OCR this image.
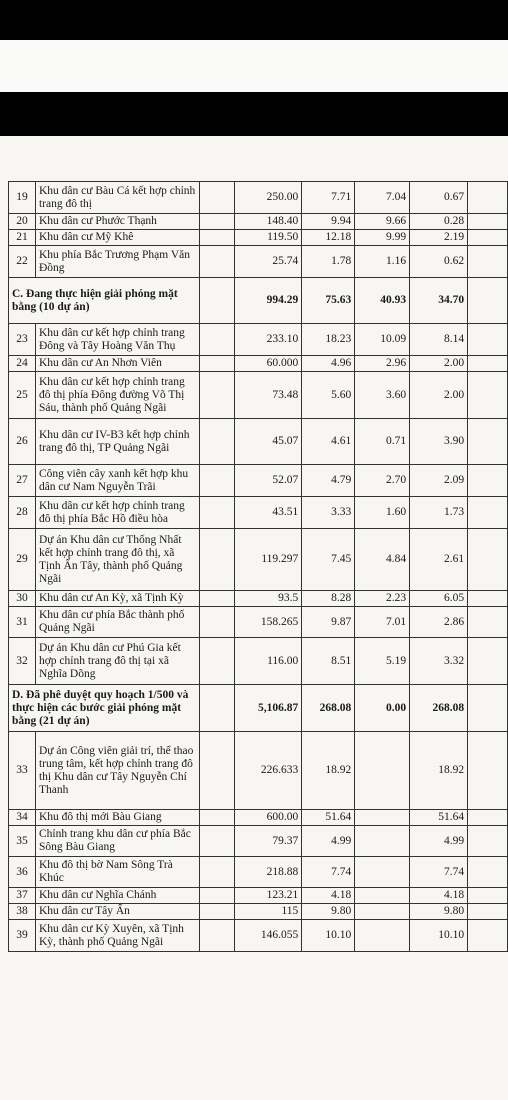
19	Khu dân cư Bàu Cá kết hợp chỉnh trang đô thị		250.00	7.71	7.04	0.67	
20	Khu dân cư Phước Thạnh		148.40	9.94	9.66	0.28	
21	Khu dân cư Mỹ Khê		119.50	12.18	9.99	2.19	
22	Khu phía Bắc Trương Phạm Văn Đồng		25.74	1.78	1.16	0.62	
C. Đang thực hiện giải phóng mặt bằng (10 dự án)			994.29	75.63	40.93	34.70	
23	Khu dân cư kết hợp chỉnh trang Đông và Tây Hoàng Văn Thụ		233.10	18.23	10.09	8.14	
24	Khu dân cư An Nhơn Viên		60.000	4.96	2.96	2.00	
25	Khu dân cư kết hợp chỉnh trang đô thị phía Đông đường Võ Thị Sáu, thành phố Quảng Ngãi		73.48	5.60	3.60	2.00	
26	Khu dân cư IV-B3 kết hợp chỉnh trang đô thị, TP Quảng Ngãi		45.07	4.61	0.71	3.90	
27	Công viên cây xanh kết hợp khu dân cư Nam Nguyễn Trãi		52.07	4.79	2.70	2.09	
28	Khu dân cư kết hợp chỉnh trang đô thị phía Bắc Hồ điều hòa		43.51	3.33	1.60	1.73	
29	Dự án Khu dân cư Thống Nhất kết hợp chỉnh trang đô thị, xã Tịnh Ấn Tây, thành phố Quảng Ngãi		119.297	7.45	4.84	2.61	
30	Khu dân cư An Kỳ, xã Tịnh Kỳ		93.5	8.28	2.23	6.05	
31	Khu dân cư phía Bắc thành phố Quảng Ngãi		158.265	9.87	7.01	2.86	
32	Dự án Khu dân cư Phú Gia kết hợp chỉnh trang đô thị tại xã Nghĩa Dõng		116.00	8.51	5.19	3.32	
D. Đã phê duyệt quy hoạch 1/500 và thực hiện các bước giải phóng mặt bằng (21 dự án)			5,106.87	268.08	0.00	268.08	
33	Dự án Công viên giải trí, thể thao trung tâm, kết hợp chỉnh trang đô thị Khu dân cư Tây Nguyễn Chí Thanh		226.633	18.92		18.92	
34	Khu đô thị mới Bàu Giang		600.00	51.64		51.64	
35	Chỉnh trang khu dân cư phía Bắc Sông Bàu Giang		79.37	4.99		4.99	
36	Khu đô thị bờ Nam Sông Trà Khúc		218.88	7.74		7.74	
37	Khu dân cư Nghĩa Chánh		123.21	4.18		4.18	
38	Khu dân cư Tây Ấn		115	9.80		9.80	
39	Khu dân cư Kỳ Xuyên, xã Tịnh Kỳ, thành phố Quảng Ngãi		146.055	10.10		10.10	
